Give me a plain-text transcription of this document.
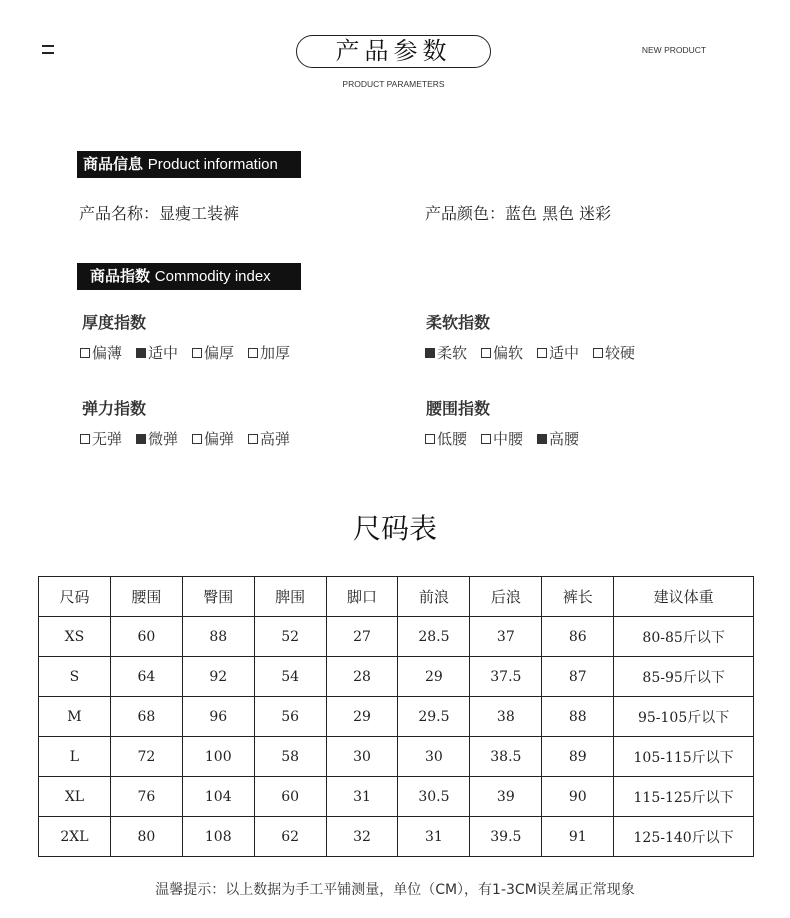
产品参数
PRODUCT PARAMETERS
NEW PRODUCT
商品信息 Product information
产品名称：显瘦工装裤	产品颜色：蓝色 黑色 迷彩
商品指数 Commodity index
厚度指数
偏薄 适中 偏厚 加厚
柔软指数
柔软 偏软 适中 较硬
弹力指数
无弹 微弹 偏弹 高弹
腰围指数
低腰 中腰 高腰
尺码表
尺码	腰围	臀围	脾围	脚口	前浪	后浪	裤长	建议体重
XS	60	88	52	27	28.5	37	86	80-85斤以下
S	64	92	54	28	29	37.5	87	85-95斤以下
M	68	96	56	29	29.5	38	88	95-105斤以下
L	72	100	58	30	30	38.5	89	105-115斤以下
XL	76	104	60	31	30.5	39	90	115-125斤以下
2XL	80	108	62	32	31	39.5	91	125-140斤以下
温馨提示：以上数据为手工平铺测量，单位（CM），有1-3CM误差属正常现象
